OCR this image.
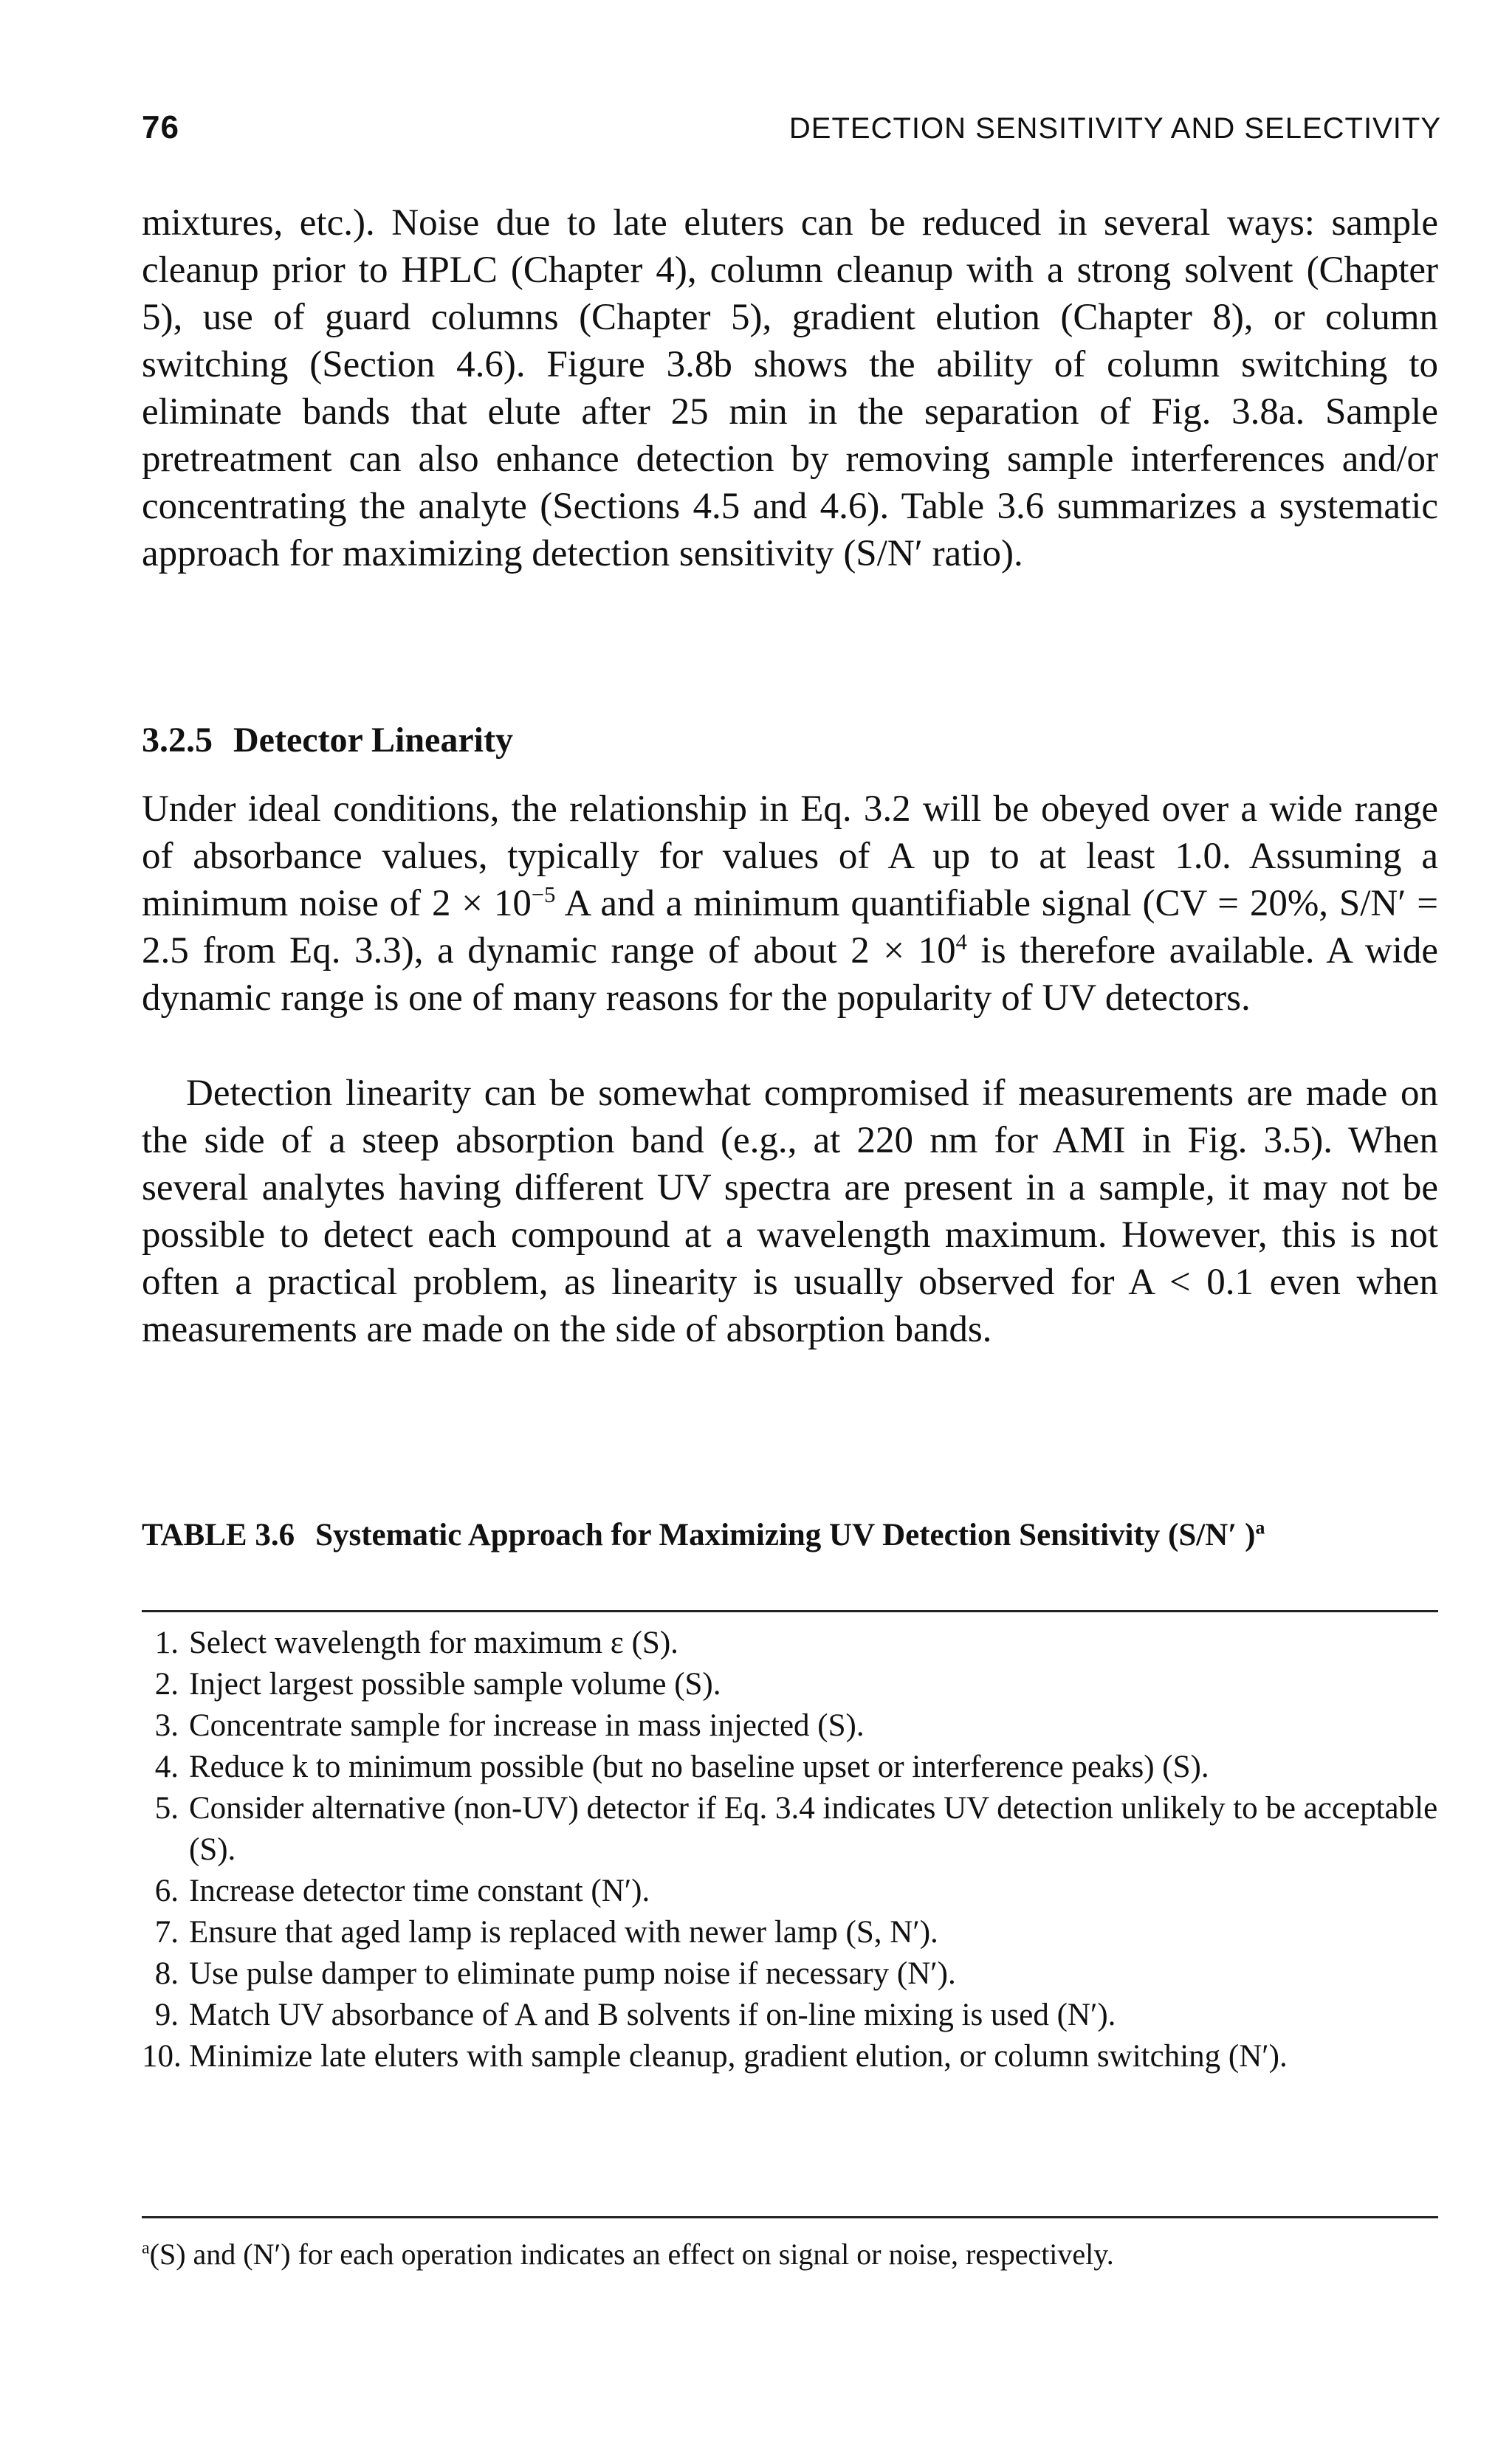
76	DETECTION SENSITIVITY AND SELECTIVITY

mixtures, etc.). Noise due to late eluters can be reduced in several ways: sample cleanup prior to HPLC (Chapter 4), column cleanup with a strong solvent (Chapter 5), use of guard columns (Chapter 5), gradient elution (Chapter 8), or column switching (Section 4.6). Figure 3.8b shows the ability of column switching to eliminate bands that elute after 25 min in the separation of Fig. 3.8a. Sample pretreatment can also enhance detection by removing sample interferences and/or concentrating the analyte (Sections 4.5 and 4.6). Table 3.6 summarizes a systematic approach for maximizing detection sensitivity (S/N′ ratio).

3.2.5 Detector Linearity

Under ideal conditions, the relationship in Eq. 3.2 will be obeyed over a wide range of absorbance values, typically for values of A up to at least 1.0. Assuming a minimum noise of $2 \times 10^{-5}$ A and a minimum quantifiable signal (CV = 20%, S/N′ = 2.5 from Eq. 3.3), a dynamic range of about $2 \times 10^4$ is therefore available. A wide dynamic range is one of many reasons for the popularity of UV detectors.

Detection linearity can be somewhat compromised if measurements are made on the side of a steep absorption band (e.g., at 220 nm for AMI in Fig. 3.5). When several analytes having different UV spectra are present in a sample, it may not be possible to detect each compound at a wavelength maximum. However, this is not often a practical problem, as linearity is usually observed for A < 0.1 even when measurements are made on the side of absorption bands.

TABLE 3.6 Systematic Approach for Maximizing UV Detection Sensitivity (S/N′ )$^a$
1. Select wavelength for maximum ε (S).
2. Inject largest possible sample volume (S).
3. Concentrate sample for increase in mass injected (S).
4. Reduce k to minimum possible (but no baseline upset or interference peaks) (S).
5. Consider alternative (non-UV) detector if Eq. 3.4 indicates UV detection unlikely to be acceptable (S).
6. Increase detector time constant (N′).
7. Ensure that aged lamp is replaced with newer lamp (S, N′).
8. Use pulse damper to eliminate pump noise if necessary (N′).
9. Match UV absorbance of A and B solvents if on-line mixing is used (N′).
10. Minimize late eluters with sample cleanup, gradient elution, or column switching (N′).
$^a$(S) and (N′) for each operation indicates an effect on signal or noise, respectively.
